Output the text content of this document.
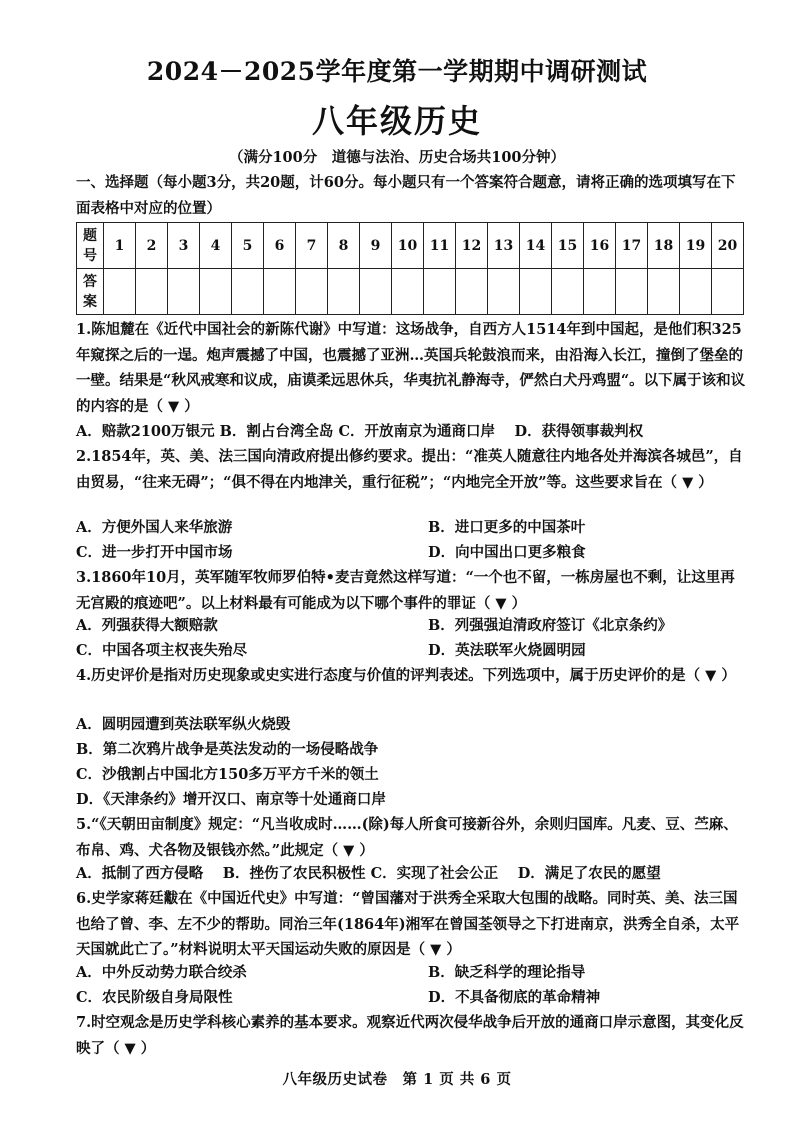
2024－2025学年度第一学期期中调研测试
八年级历史
（满分100分　道德与法治、历史合场共100分钟）
一、选择题（每小题3分，共20题，计60分。每小题只有一个答案符合题意，请将正确的选项填写在下面表格中对应的位置）
题号	1	2	3	4	5	6	7	8	9	10	11	12	13	14	15	16	17	18	19	20
答案																				
1.陈旭麓在《近代中国社会的新陈代谢》中写道：这场战争，自西方人1514年到中国起，是他们积325年窥探之后的一逞。炮声震撼了中国，也震撼了亚洲…英国兵轮鼓浪而来，由沿海入长江，撞倒了堡垒的一壁。结果是“秋风戒寒和议成，庙谟柔远思休兵，华夷抗礼静海寺，俨然白犬丹鸡盟“。以下属于该和议的内容的是（ ▼ ）
A．赔款2100万银元 B．割占台湾全岛 C．开放南京为通商口岸　 D．获得领事裁判权
2.1854年，英、美、法三国向清政府提出修约要求。提出：“准英人随意往内地各处并海滨各城邑”，自由贸易，“往来无碍”；“俱不得在内地津关，重行征税”；“内地完全开放”等。这些要求旨在（ ▼ ）
A．方便外国人来华旅游	B．进口更多的中国茶叶
C．进一步打开中国市场	D．向中国出口更多粮食
3.1860年10月，英军随军牧师罗伯特•麦吉竟然这样写道：“一个也不留，一栋房屋也不剩，让这里再无宫殿的痕迹吧”。以上材料最有可能成为以下哪个事件的罪证（ ▼ ）
A．列强获得大额赔款	B．列强强迫清政府签订《北京条约》
C．中国各项主权丧失殆尽	D．英法联军火烧圆明园
4.历史评价是指对历史现象或史实进行态度与价值的评判表述。下列选项中，属于历史评价的是（ ▼ ）
A．圆明园遭到英法联军纵火烧毁
B．第二次鸦片战争是英法发动的一场侵略战争
C．沙俄割占中国北方150多万平方千米的领土
D．《天津条约》增开汉口、南京等十处通商口岸
5.“《天朝田亩制度》规定：“凡当收成时……(除)每人所食可接新谷外，余则归国库。凡麦、豆、苎麻、布帛、鸡、犬各物及银钱亦然。”此规定（ ▼ ）
A．抵制了西方侵略　 B．挫伤了农民积极性 C．实现了社会公正　 D．满足了农民的愿望
6.史学家蒋廷黻在《中国近代史》中写道：“曾国藩对于洪秀全采取大包围的战略。同时英、美、法三国也给了曾、李、左不少的帮助。同治三年(1864年)湘军在曾国荃领导之下打进南京，洪秀全自杀，太平天国就此亡了。”材料说明太平天国运动失败的原因是（ ▼ ）
A．中外反动势力联合绞杀	B．缺乏科学的理论指导
C．农民阶级自身局限性	D．不具备彻底的革命精神
7.时空观念是历史学科核心素养的基本要求。观察近代两次侵华战争后开放的通商口岸示意图，其变化反映了（ ▼ ）
八年级历史试卷　第 1 页 共 6 页
